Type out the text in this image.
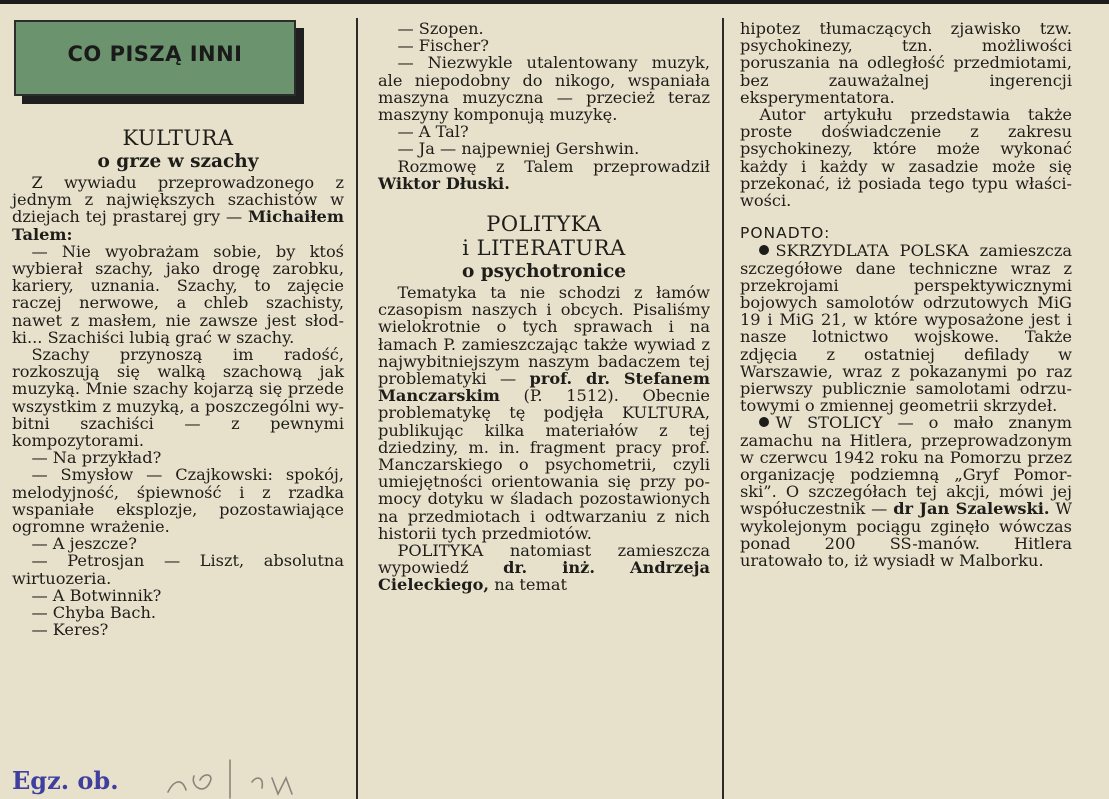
CO PISZĄ INNI

KULTURA

o grze w szachy

Z wywiadu przeprowadzonego z jednym z największych szachistów w dziejach tej prastarej gry — Michaiłem Talem:

— Nie wyobrażam sobie, by ktoś wybierał szachy, jako drogę zarobku, kariery, uznania. Szachy, to zajęcie raczej nerwowe, a chleb szachisty, nawet z masłem, nie zawsze jest słodki... Szachiści lubią grać w szachy.

Szachy przynoszą im radość, rozkoszują się walką szachową jak muzyką. Mnie szachy kojarzą się przede wszystkim z muzyką, a poszczególni wybitni szachiści — z pewnymi kompozytorami.

— Na przykład?

— Smysłow — Czajkowski: spokój, melodyjność, śpiewność i z rzadka wspaniałe eksplozje, pozostawiające ogromne wrażenie.

— A jeszcze?

— Petrosjan — Liszt, absolutna wirtuozeria.

— A Botwinnik?

— Chyba Bach.

— Keres?

— Szopen.

— Fischer?

— Niezwykle utalentowany muzyk, ale niepodobny do nikogo, wspaniała maszyna muzyczna — przecież teraz maszyny komponują muzykę.

— A Tal?

— Ja — najpewniej Gershwin.

Rozmowę z Talem przeprowadził Wiktor Dłuski.

POLITYKA

i LITERATURA

o psychotronice

Tematyka ta nie schodzi z łamów czasopism naszych i obcych. Pisaliśmy wielokrotnie o tych sprawach i na łamach P. zamieszczając także wywiad z najwybitniejszym naszym badaczem tej problematyki — prof. dr. Stefanem Manczarskim (P. 1512). Obecnie problematykę tę podjęła KULTURA, publikując kilka materiałów z tej dziedziny, m. in. fragment pracy prof. Manczarskiego o psychometrii, czyli umiejętności orientowania się przy pomocy dotyku w śladach pozostawionych na przedmiotach i odtwarzaniu z nich historii tych przedmiotów.

POLITYKA natomiast zamieszcza wypowiedź dr. inż. Andrzeja Cieleckiego, na temat

hipotez tłumaczących zjawisko tzw. psychokinezy, tzn. możliwości poruszania na odległość przedmiotami, bez zauważalnej ingerencji eksperymentatora.

Autor artykułu przedstawia także proste doświadczenie z zakresu psychokinezy, które może wykonać każdy i każdy w zasadzie może się przekonać, iż posiada tego typu właściwości.

PONADTO:

SKRZYDLATA POLSKA zamieszcza szczegółowe dane techniczne wraz z przekrojami perspektywicznymi bojowych samolotów odrzutowych MiG 19 i MiG 21, w które wyposażone jest i nasze lotnictwo wojskowe. Także zdjęcia z ostatniej defilady w Warszawie, wraz z pokazanymi po raz pierwszy publicznie samolotami odrzutowymi o zmiennej geometrii skrzydeł.

W STOLICY — o mało znanym zamachu na Hitlera, przeprowadzonym w czerwcu 1942 roku na Pomorzu przez organizację podziemną „Gryf Pomorski”. O szczegółach tej akcji, mówi jej współuczestnik — dr Jan Szalewski. W wykolejonym pociągu zginęło wówczas ponad 200 SS-manów. Hitlera uratowało to, iż wysiadł w Malborku.

Egz. ob.
